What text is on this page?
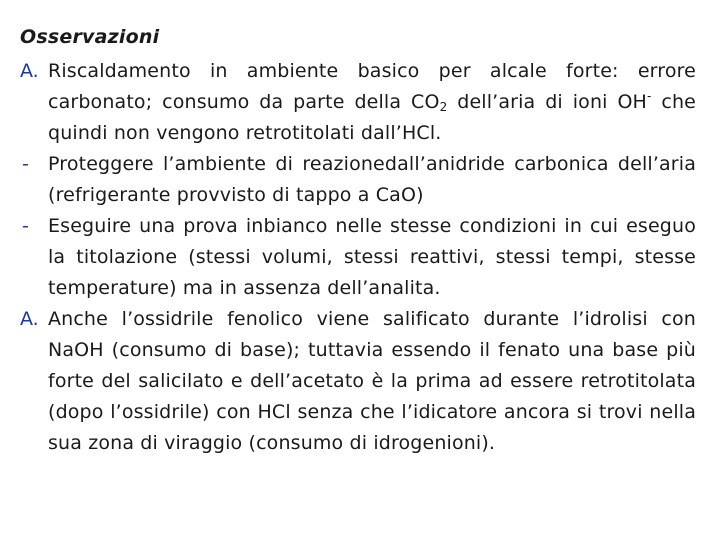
Osservazioni
A. Riscaldamento in ambiente basico per alcale forte: errore carbonato; consumo da parte della $CO_2$ dell’aria di ioni OH- che quindi non vengono retrotitolati dall’HCl.
- Proteggere l’ambiente di reazionedall’anidride carbonica dell’aria (refrigerante provvisto di tappo a CaO)
- Eseguire una prova inbianco nelle stesse condizioni in cui eseguo la titolazione (stessi volumi, stessi reattivi, stessi tempi, stesse temperature) ma in assenza dell’analita.
A. Anche l’ossidrile fenolico viene salificato durante l’idrolisi con NaOH (consumo di base); tuttavia essendo il fenato una base più forte del salicilato e dell’acetato è la prima ad essere retrotitolata (dopo l’ossidrile) con HCl senza che l’idicatore ancora si trovi nella sua zona di viraggio (consumo di idrogenioni).
